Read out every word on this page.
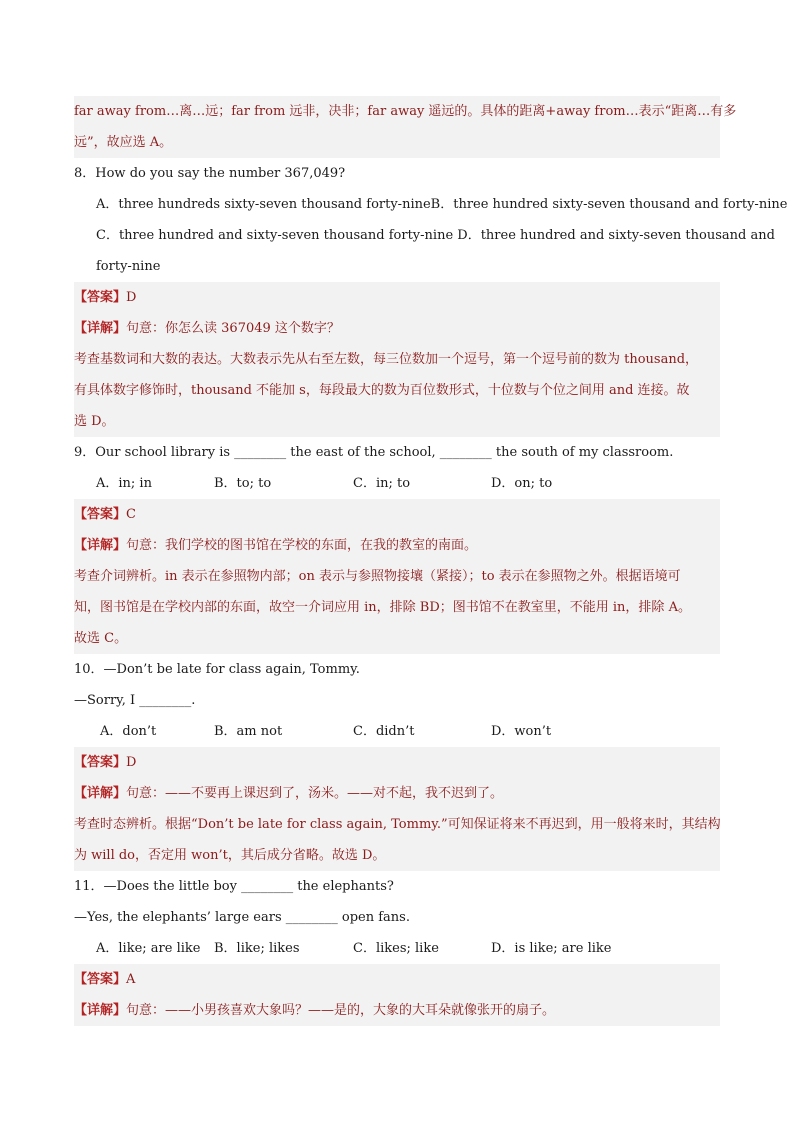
far away from…离…远；far from 远非，决非；far away 遥远的。具体的距离+away from…表示“距离…有多
远”，故应选 A。
8．How do you say the number 367,049?
A．three hundreds sixty-seven thousand forty-nineB．three hundred sixty-seven thousand and forty-nine
C．three hundred and sixty-seven thousand forty-nine D．three hundred and sixty-seven thousand and
forty-nine
【答案】D
【详解】句意：你怎么读 367049 这个数字？
考查基数词和大数的表达。大数表示先从右至左数，每三位数加一个逗号，第一个逗号前的数为 thousand，
有具体数字修饰时，thousand 不能加 s，每段最大的数为百位数形式，十位数与个位之间用 and 连接。故
选 D。
9．Our school library is ________ the east of the school, ________ the south of my classroom.
A．in; in	B．to; to	C．in; to	D．on; to
【答案】C
【详解】句意：我们学校的图书馆在学校的东面，在我的教室的南面。
考查介词辨析。in 表示在参照物内部；on 表示与参照物接壤（紧接）；to 表示在参照物之外。根据语境可
知，图书馆是在学校内部的东面，故空一介词应用 in，排除 BD；图书馆不在教室里，不能用 in，排除 A。
故选 C。
10．—Don’t be late for class again, Tommy.
—Sorry, I ________.
A．don’t	B．am not	C．didn’t	D．won’t
【答案】D
【详解】句意：——不要再上课迟到了，汤米。——对不起，我不迟到了。
考查时态辨析。根据“Don’t be late for class again, Tommy.”可知保证将来不再迟到，用一般将来时，其结构
为 will do，否定用 won’t，其后成分省略。故选 D。
11．—Does the little boy ________ the elephants?
—Yes, the elephants’ large ears ________ open fans.
A．like; are like	B．like; likes	C．likes; like	D．is like; are like
【答案】A
【详解】句意：——小男孩喜欢大象吗？——是的，大象的大耳朵就像张开的扇子。
